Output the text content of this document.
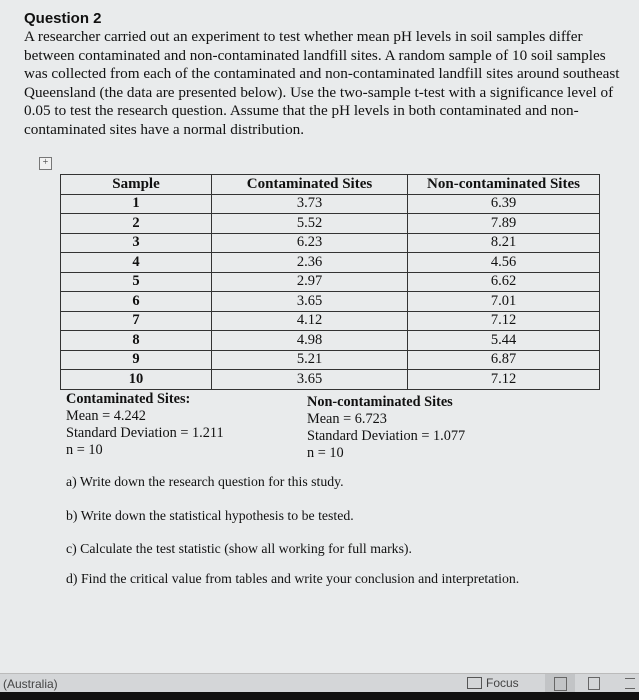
Question 2
A researcher carried out an experiment to test whether mean pH levels in soil samples differ between contaminated and non-contaminated landfill sites. A random sample of 10 soil samples was collected from each of the contaminated and non-contaminated landfill sites around southeast Queensland (the data are presented below). Use the two-sample t-test with a significance level of 0.05 to test the research question. Assume that the pH levels in both contaminated and non-contaminated sites have a normal distribution.
+
Sample	Contaminated Sites	Non-contaminated Sites
1	3.73	6.39
2	5.52	7.89
3	6.23	8.21
4	2.36	4.56
5	2.97	6.62
6	3.65	7.01
7	4.12	7.12
8	4.98	5.44
9	5.21	6.87
10	3.65	7.12
Contaminated Sites:
Mean = 4.242
Standard Deviation = 1.211
n = 10
Non-contaminated Sites
Mean = 6.723
Standard Deviation = 1.077
n = 10
a) Write down the research question for this study.
b) Write down the statistical hypothesis to be tested.
c) Calculate the test statistic (show all working for full marks).
d) Find the critical value from tables and write your conclusion and interpretation.
(Australia)	Focus
